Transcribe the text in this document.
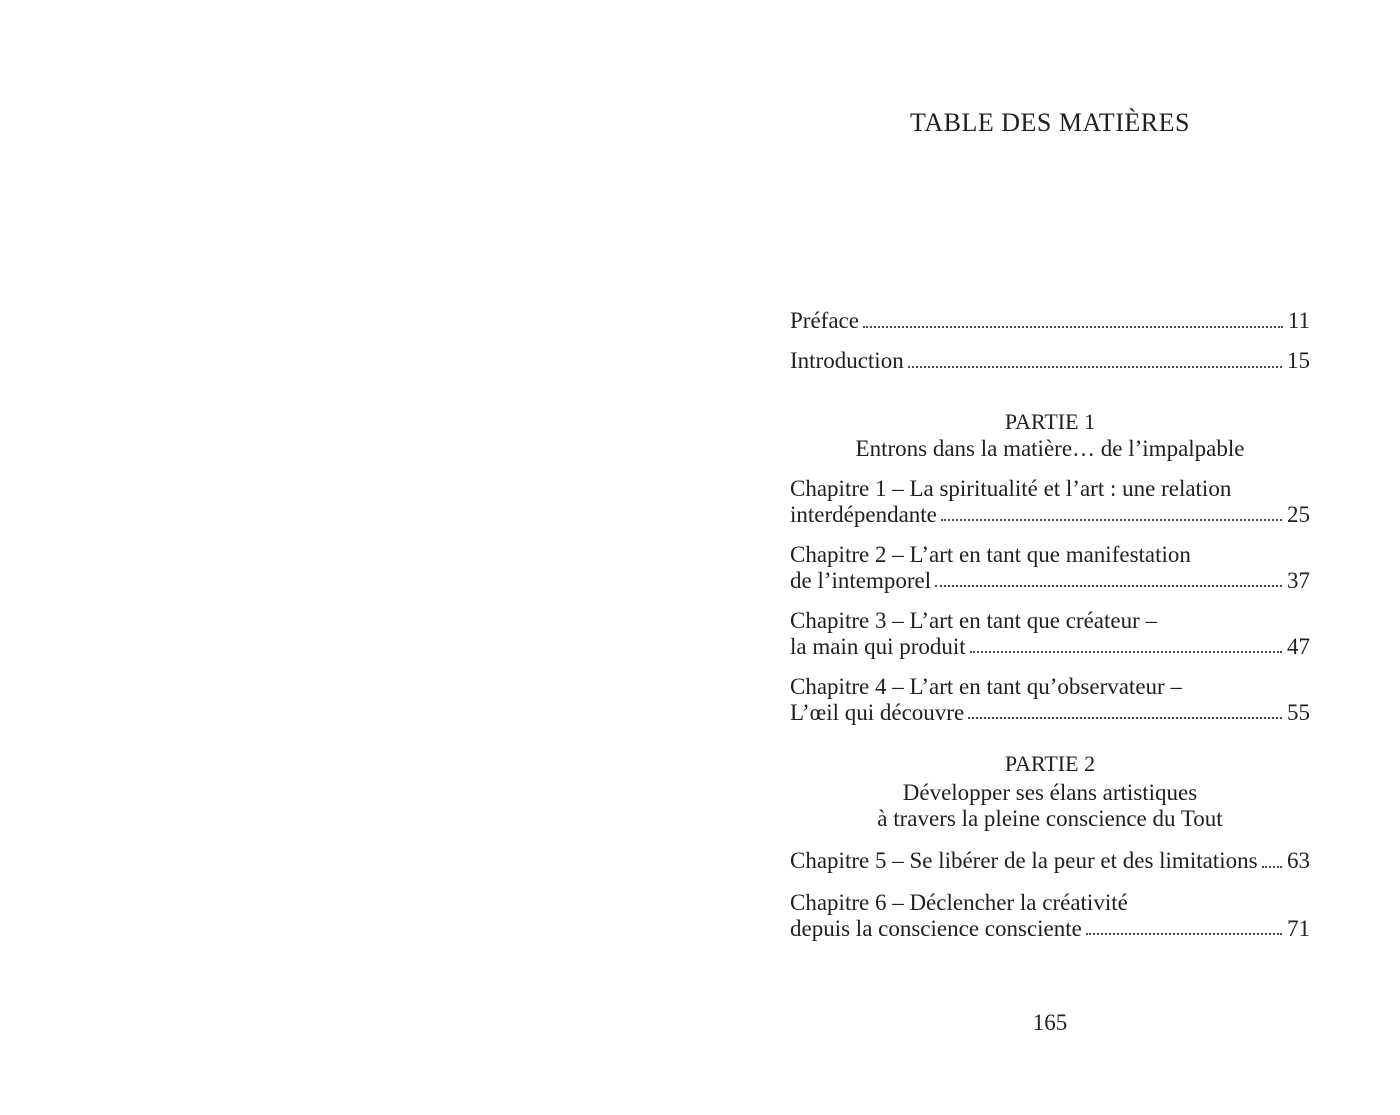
TABLE DES MATIÈRES
Préface	11
Introduction	15
PARTIE 1
Entrons dans la matière… de l’impalpable
Chapitre 1 – La spiritualité et l’art : une relation
interdépendante	25
Chapitre 2 – L’art en tant que manifestation
de l’intemporel	37
Chapitre 3 – L’art en tant que créateur –
la main qui produit	47
Chapitre 4 – L’art en tant qu’observateur –
L’œil qui découvre	55
PARTIE 2
Développer ses élans artistiques
à travers la pleine conscience du Tout
Chapitre 5 – Se libérer de la peur et des limitations 63
Chapitre 6 – Déclencher la créativité
depuis la conscience consciente	71
165
